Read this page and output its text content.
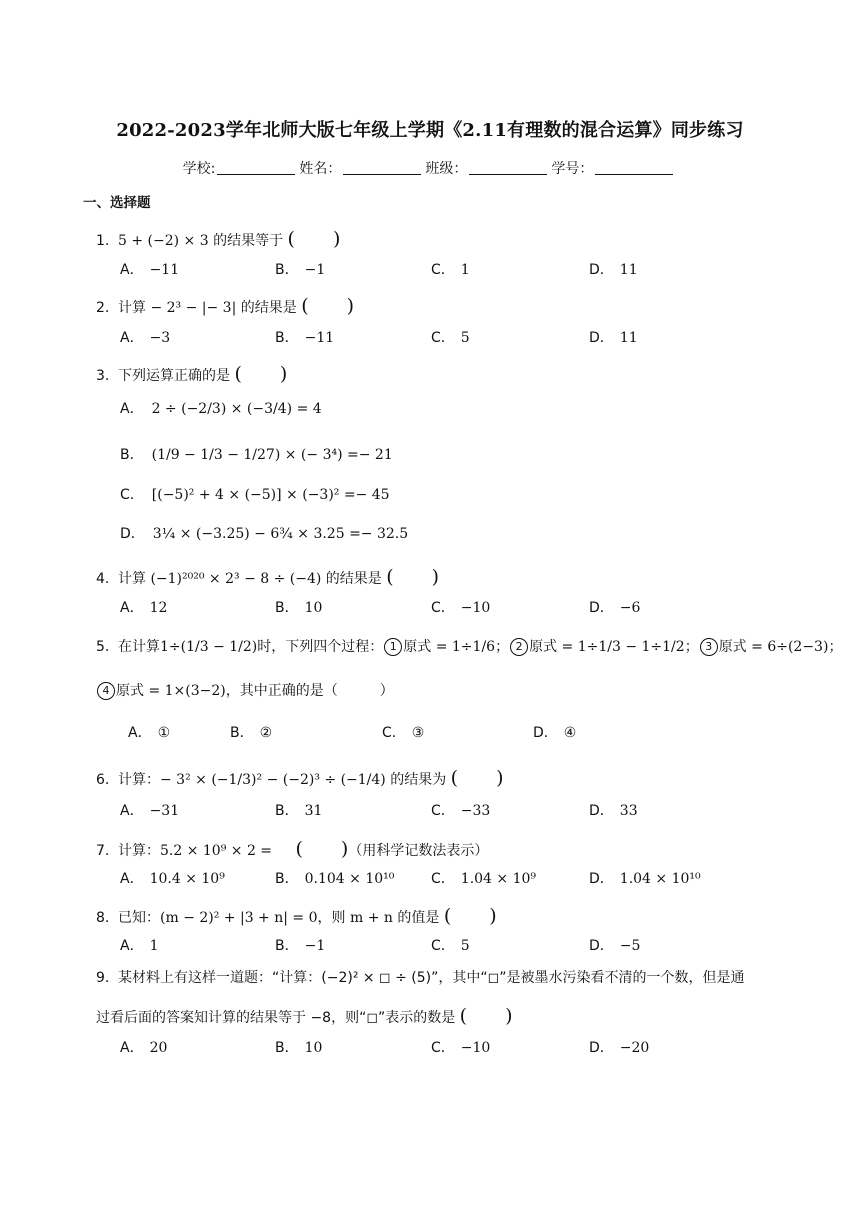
2022-2023学年北师大版七年级上学期《2.11有理数的混合运算》同步练习
学校:	姓名：	班级：	学号：
一、选择题
1. 5 + (−2) × 3 的结果等于 (　　)
A． −11	B． −1	C． 1	D． 11
2. 计算 − 2³ − |− 3| 的结果是 (　　)
A． −3	B． −11	C． 5	D． 11
3. 下列运算正确的是 (　　)
A． 2 ÷ (−2/3) × (−3/4) = 4
B． (1/9 − 1/3 − 1/27) × (− 3⁴) =− 21
C． [(−5)² + 4 × (−5)] × (−3)² =− 45
D． 3¼ × (−3.25) − 6¾ × 3.25 =− 32.5
4. 计算 (−1)²⁰²⁰ × 2³ − 8 ÷ (−4) 的结果是 (　　)
A． 12	B． 10	C． −10	D． −6
5. 在计算1÷(1/3 − 1/2)时，下列四个过程： 1 原式 = 1÷1/6； 2 原式 = 1÷1/3 − 1÷1/2； 3 原式 = 6÷(2−3)；
4 原式 = 1×(3−2)，其中正确的是（　　　）
A． ①	B． ②	C． ③	D． ④
6. 计算：− 3² × (−1/3)² − (−2)³ ÷ (−1/4) 的结果为 (　　)
A． −31	B． 31	C． −33	D． 33
7. 计算：5.2 × 10⁹ × 2 = 　(　　)（用科学记数法表示）
A． 10.4 × 10⁹	B． 0.104 × 10¹⁰	C． 1.04 × 10⁹	D． 1.04 × 10¹⁰
8. 已知：(m − 2)² + |3 + n| = 0，则 m + n 的值是 (　　)
A． 1	B． −1	C． 5	D． −5
9. 某材料上有这样一道题：“计算：(−2)² × ◻ ÷ (5)”，其中“◻”是被墨水污染看不清的一个数，但是通
过看后面的答案知计算的结果等于 −8，则“◻”表示的数是 (　　)
A． 20	B． 10	C． −10	D． −20
